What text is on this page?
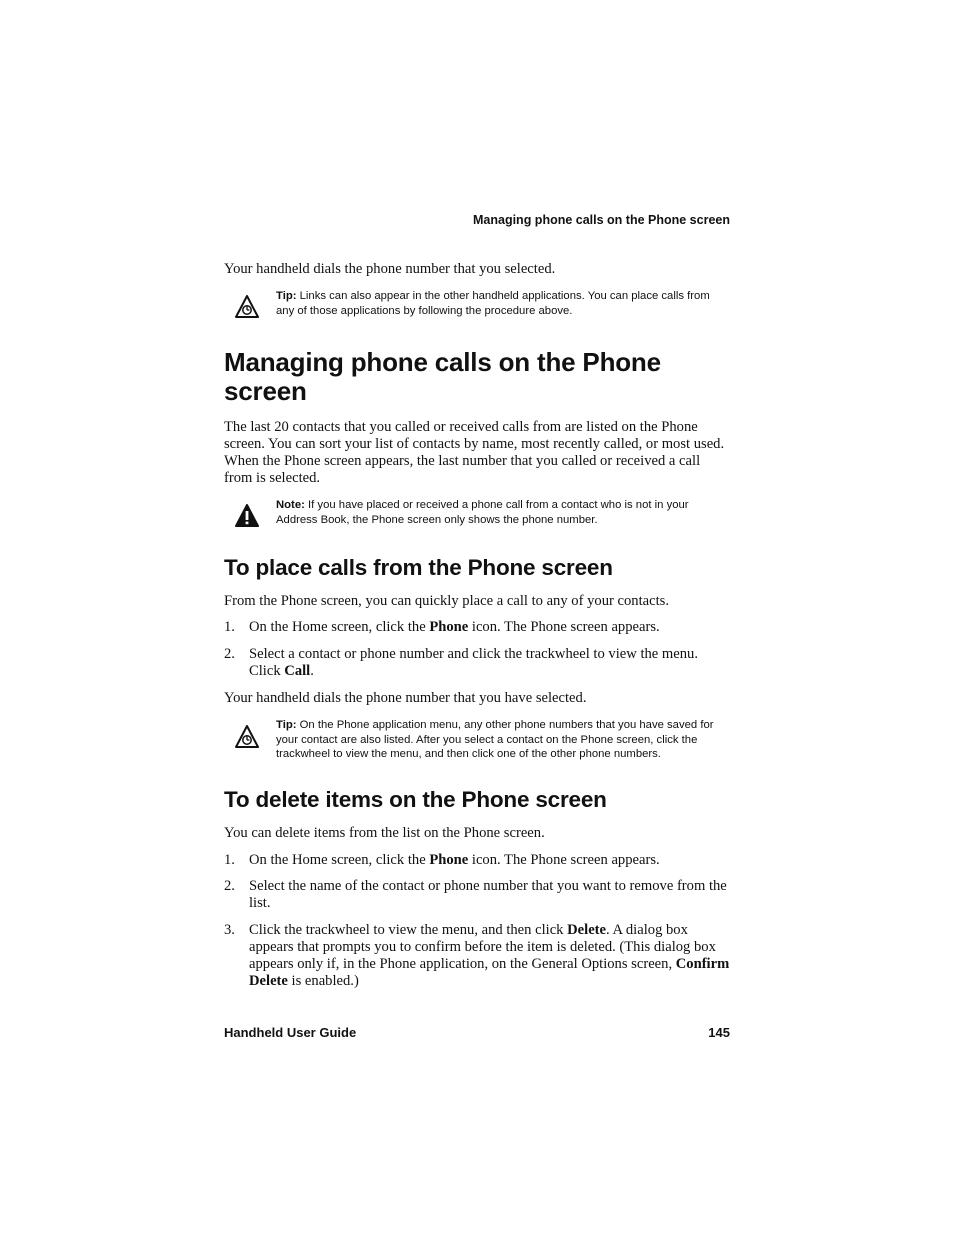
Managing phone calls on the Phone screen

Your handheld dials the phone number that you selected.

Tip: Links can also appear in the other handheld applications. You can place calls from any of those applications by following the procedure above.
Managing phone calls on the Phone screen

The last 20 contacts that you called or received calls from are listed on the Phone screen. You can sort your list of contacts by name, most recently called, or most used. When the Phone screen appears, the last number that you called or received a call from is selected.

Note: If you have placed or received a phone call from a contact who is not in your Address Book, the Phone screen only shows the phone number.
To place calls from the Phone screen

From the Phone screen, you can quickly place a call to any of your contacts.

1. On the Home screen, click the Phone icon. The Phone screen appears.
2. Select a contact or phone number and click the trackwheel to view the menu. Click Call.

Your handheld dials the phone number that you have selected.

Tip: On the Phone application menu, any other phone numbers that you have saved for your contact are also listed. After you select a contact on the Phone screen, click the trackwheel to view the menu, and then click one of the other phone numbers.
To delete items on the Phone screen

You can delete items from the list on the Phone screen.

1. On the Home screen, click the Phone icon. The Phone screen appears.
2. Select the name of the contact or phone number that you want to remove from the list.
3. Click the trackwheel to view the menu, and then click Delete. A dialog box appears that prompts you to confirm before the item is deleted. (This dialog box appears only if, in the Phone application, on the General Options screen, Confirm Delete is enabled.)
Handheld User Guide	145
